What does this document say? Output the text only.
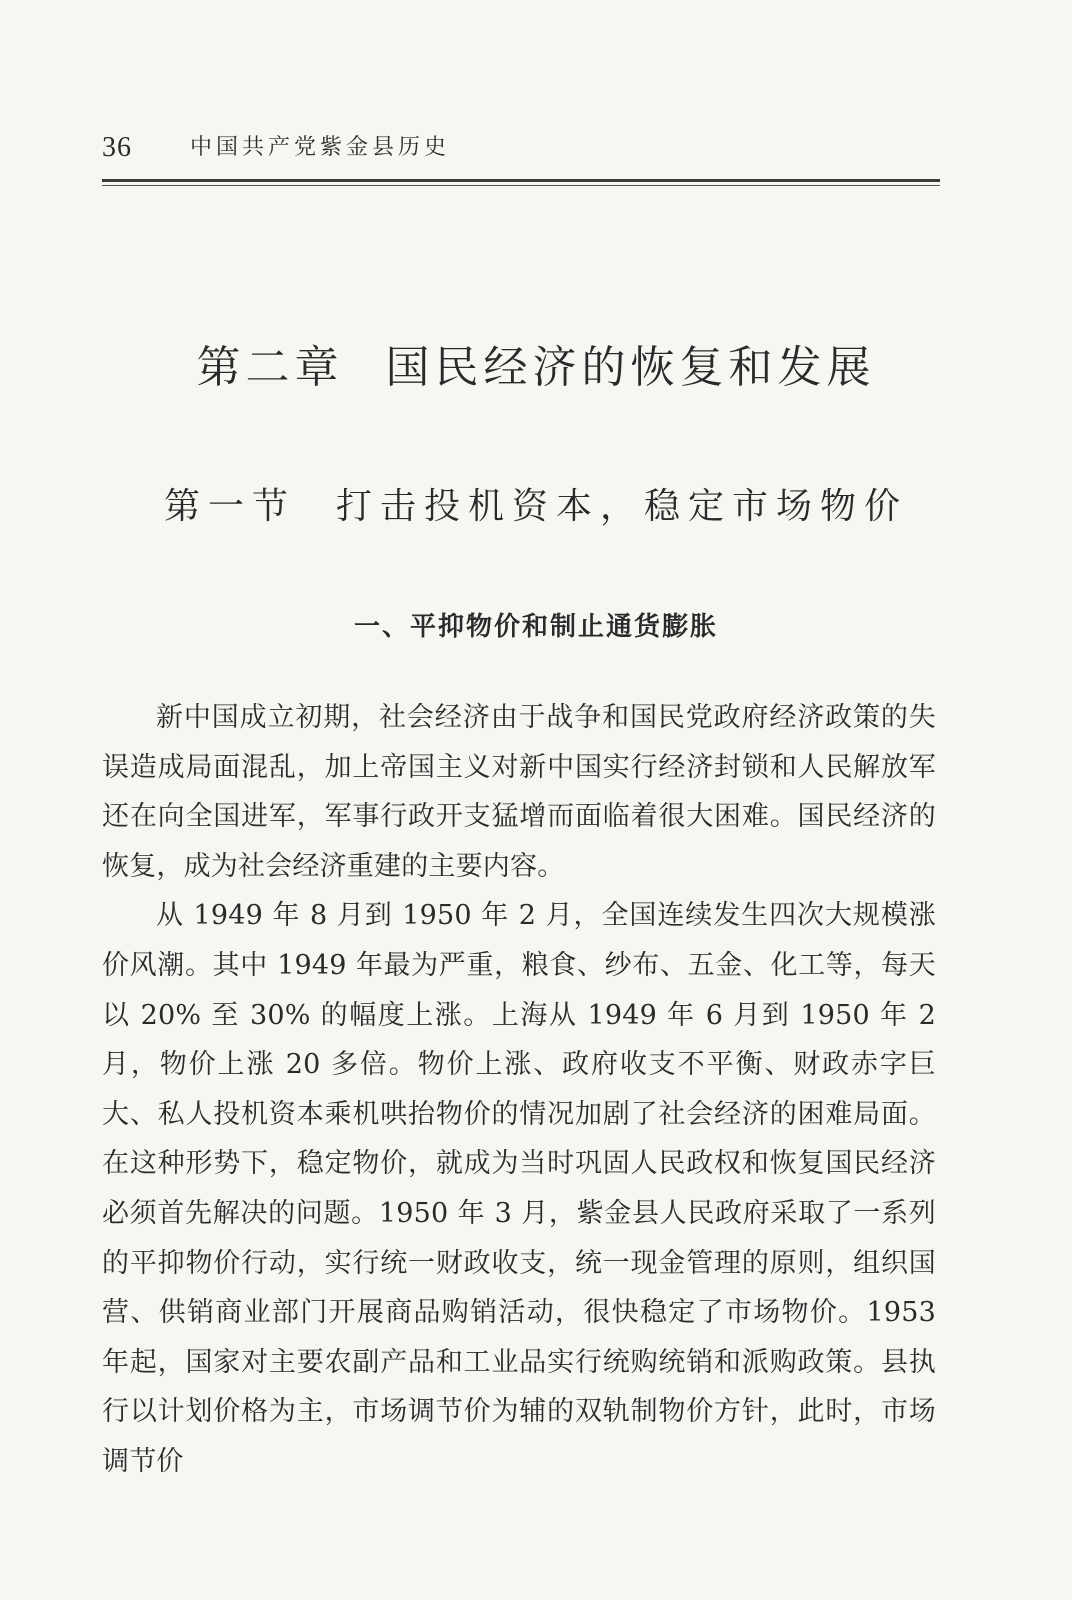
36	中国共产党紫金县历史
第二章 国民经济的恢复和发展
第一节 打击投机资本，稳定市场物价
一、平抑物价和制止通货膨胀

新中国成立初期，社会经济由于战争和国民党政府经济政策的失误造成局面混乱，加上帝国主义对新中国实行经济封锁和人民解放军还在向全国进军，军事行政开支猛增而面临着很大困难。国民经济的恢复，成为社会经济重建的主要内容。

从 1949 年 8 月到 1950 年 2 月，全国连续发生四次大规模涨价风潮。其中 1949 年最为严重，粮食、纱布、五金、化工等，每天以 20% 至 30% 的幅度上涨。上海从 1949 年 6 月到 1950 年 2 月，物价上涨 20 多倍。物价上涨、政府收支不平衡、财政赤字巨大、私人投机资本乘机哄抬物价的情况加剧了社会经济的困难局面。在这种形势下，稳定物价，就成为当时巩固人民政权和恢复国民经济必须首先解决的问题。1950 年 3 月，紫金县人民政府采取了一系列的平抑物价行动，实行统一财政收支，统一现金管理的原则，组织国营、供销商业部门开展商品购销活动，很快稳定了市场物价。1953 年起，国家对主要农副产品和工业品实行统购统销和派购政策。县执行以计划价格为主，市场调节价为辅的双轨制物价方针，此时，市场调节价
